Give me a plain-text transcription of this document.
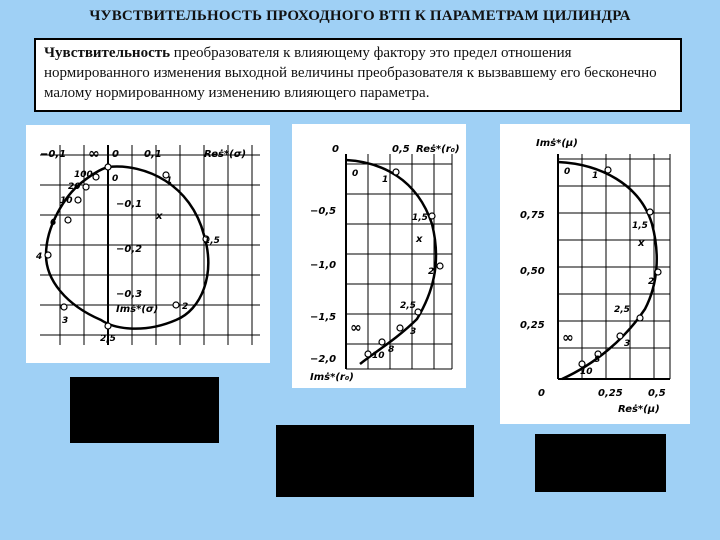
ЧУВСТВИТЕЛЬНОСТЬ ПРОХОДНОГО ВТП К ПАРАМЕТРАМ ЦИЛИНДРА
Чувствительность преобразователя к влияющему фактору это предел отношения нормированного изменения выходной величины преобразователя к вызвавшему его бесконечно малому нормированному изменению влияющего параметра.
−0,1	0	0,1	Reṡ*(σ)
∞
−0,1
−0,2
−0,3
Imṡ*(σ)
x
0
100
20
10
6
4
3
2,5
2
1,5
1
0	0,5 Reṡ*(r₀)
−0,5
−1,0
−1,5
−2,0
Imṡ*(r₀)
∞
x
0
1
1,5
2
2,5
3
8
10
Imṡ*(μ)
0,75
0,50
0,25
0	0,25	0,5
Reṡ*(μ)
∞
x
0 1
1,5
2
2,5
3
8
10
